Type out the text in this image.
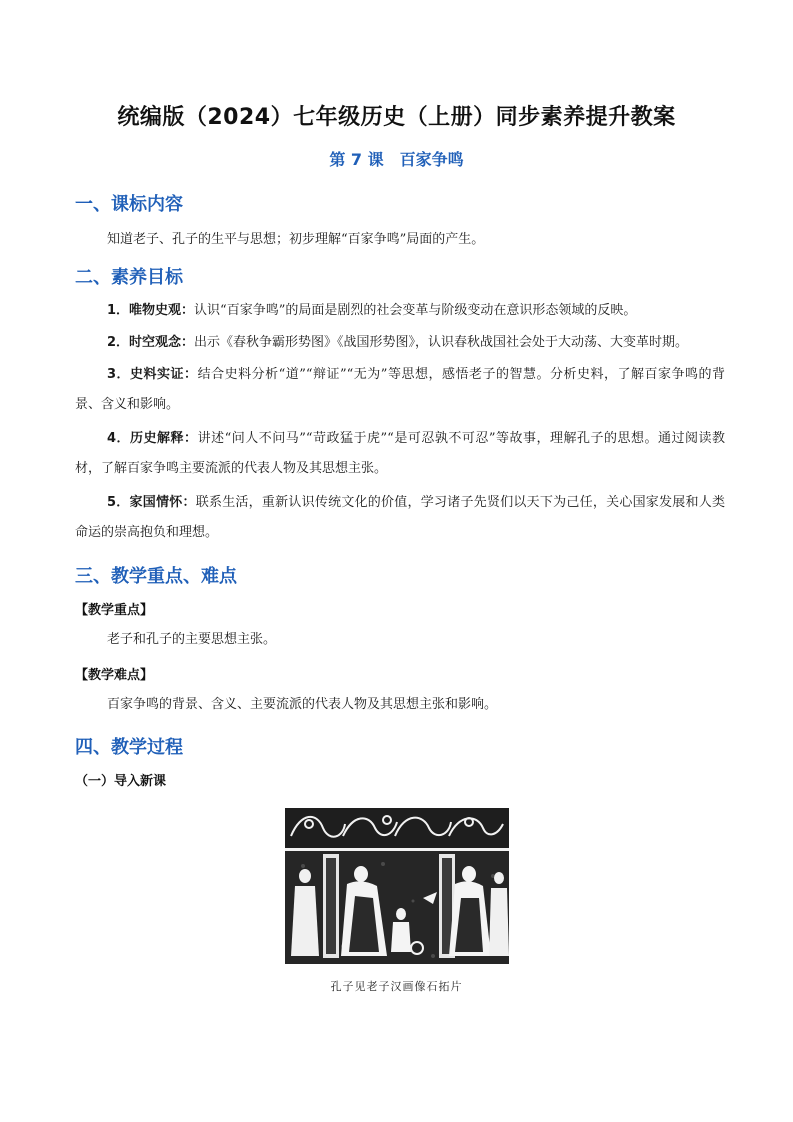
统编版（2024）七年级历史（上册）同步素养提升教案
第 7 课　百家争鸣
一、课标内容
知道老子、孔子的生平与思想；初步理解“百家争鸣”局面的产生。
二、素养目标
1．唯物史观：认识“百家争鸣”的局面是剧烈的社会变革与阶级变动在意识形态领域的反映。
2．时空观念：出示《春秋争霸形势图》《战国形势图》，认识春秋战国社会处于大动荡、大变革时期。
3．史料实证：结合史料分析“道”“辩证”“无为”等思想，感悟老子的智慧。分析史料，了解百家争鸣的背景、含义和影响。
4．历史解释：讲述“问人不问马”“苛政猛于虎”“是可忍孰不可忍”等故事，理解孔子的思想。通过阅读教材，了解百家争鸣主要流派的代表人物及其思想主张。
5．家国情怀：联系生活，重新认识传统文化的价值，学习诸子先贤们以天下为己任，关心国家发展和人类命运的崇高抱负和理想。
三、教学重点、难点
【教学重点】
老子和孔子的主要思想主张。
【教学难点】
百家争鸣的背景、含义、主要流派的代表人物及其思想主张和影响。
四、教学过程
（一）导入新课
孔子见老子汉画像石拓片
